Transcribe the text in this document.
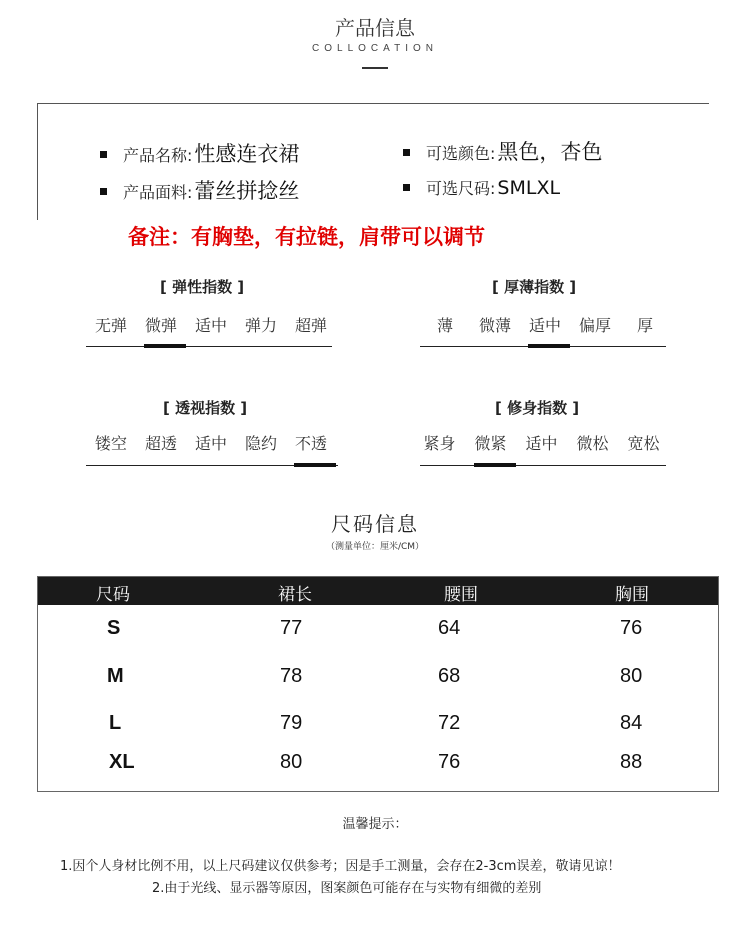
产品信息
COLLOCATION
产品名称: 性感连衣裙
产品面料: 蕾丝拼捻丝
可选颜色: 黑色，杏色
可选尺码: SMLXL
备注：有胸垫，有拉链，肩带可以调节
[ 弹性指数 ]
无弹	微弹	适中	弹力	超弹
[ 厚薄指数 ]
薄	微薄	适中	偏厚	厚
[ 透视指数 ]
镂空	超透	适中	隐约	不透
[ 修身指数 ]
紧身	微紧	适中	微松	宽松
尺码信息
（测量单位：厘米/CM）
尺码	裙长	腰围	胸围
S	77	64	76
M	78	68	80
L	79	72	84
XL	80	76	88
温馨提示：
1.因个人身材比例不用，以上尺码建议仅供参考；因是手工测量，会存在2-3cm误差，敬请见谅！
2.由于光线、显示器等原因，图案颜色可能存在与实物有细微的差别
